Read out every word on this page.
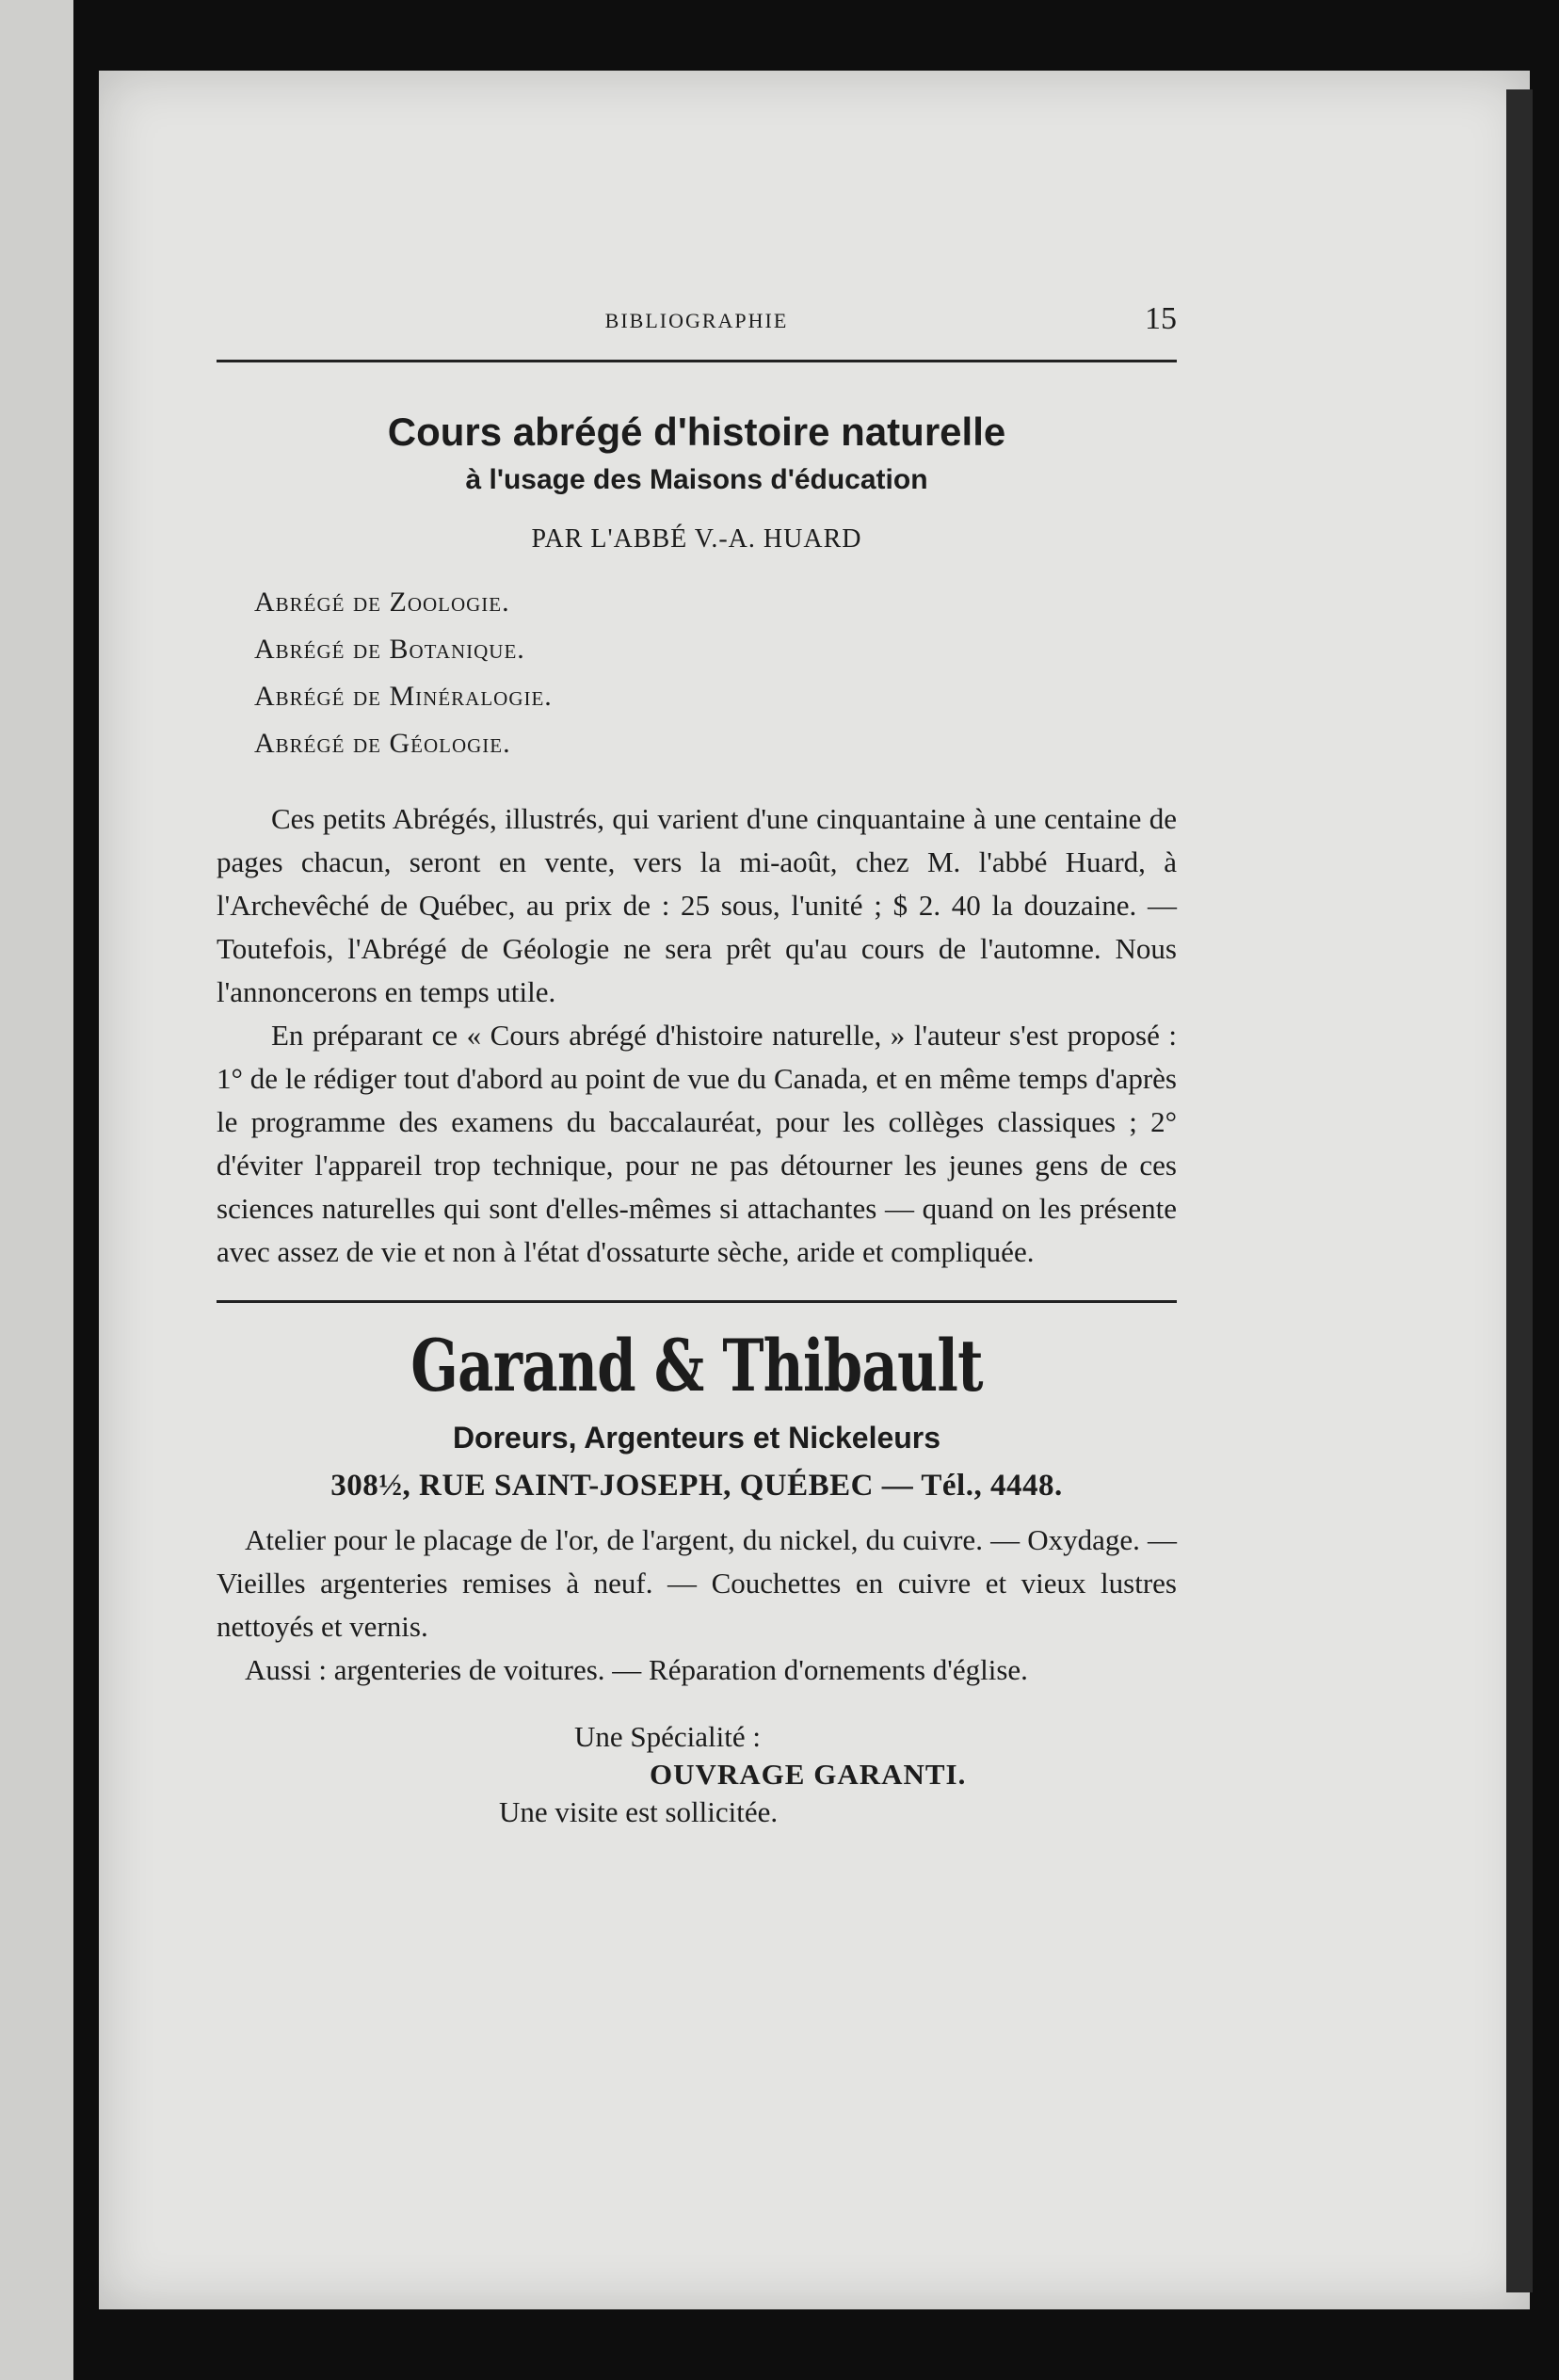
BIBLIOGRAPHIE	15
Cours abrégé d'histoire naturelle
à l'usage des Maisons d'éducation
PAR L'ABBÉ V.-A. HUARD
Abrégé de Zoologie.
Abrégé de Botanique.
Abrégé de Minéralogie.
Abrégé de Géologie.

Ces petits Abrégés, illustrés, qui varient d'une cinquantaine à une centaine de pages chacun, seront en vente, vers la mi-août, chez M. l'abbé Huard, à l'Archevêché de Québec, au prix de : 25 sous, l'unité ; $ 2. 40 la douzaine. — Toutefois, l'Abrégé de Géologie ne sera prêt qu'au cours de l'automne. Nous l'annoncerons en temps utile.

En préparant ce « Cours abrégé d'histoire naturelle, » l'auteur s'est proposé : 1° de le rédiger tout d'abord au point de vue du Canada, et en même temps d'après le programme des examens du baccalauréat, pour les collèges classiques ; 2° d'éviter l'appareil trop technique, pour ne pas détourner les jeunes gens de ces sciences naturelles qui sont d'elles-mêmes si attachantes — quand on les présente avec assez de vie et non à l'état d'ossaturte sèche, aride et compliquée.

Garand & Thibault
Doreurs, Argenteurs et Nickeleurs
308½, RUE SAINT-JOSEPH, QUÉBEC — Tél., 4448.

Atelier pour le placage de l'or, de l'argent, du nickel, du cuivre. — Oxydage. — Vieilles argenteries remises à neuf. — Couchettes en cuivre et vieux lustres nettoyés et vernis.

Aussi : argenteries de voitures. — Réparation d'ornements d'église.

Une Spécialité :
OUVRAGE GARANTI.
Une visite est sollicitée.
